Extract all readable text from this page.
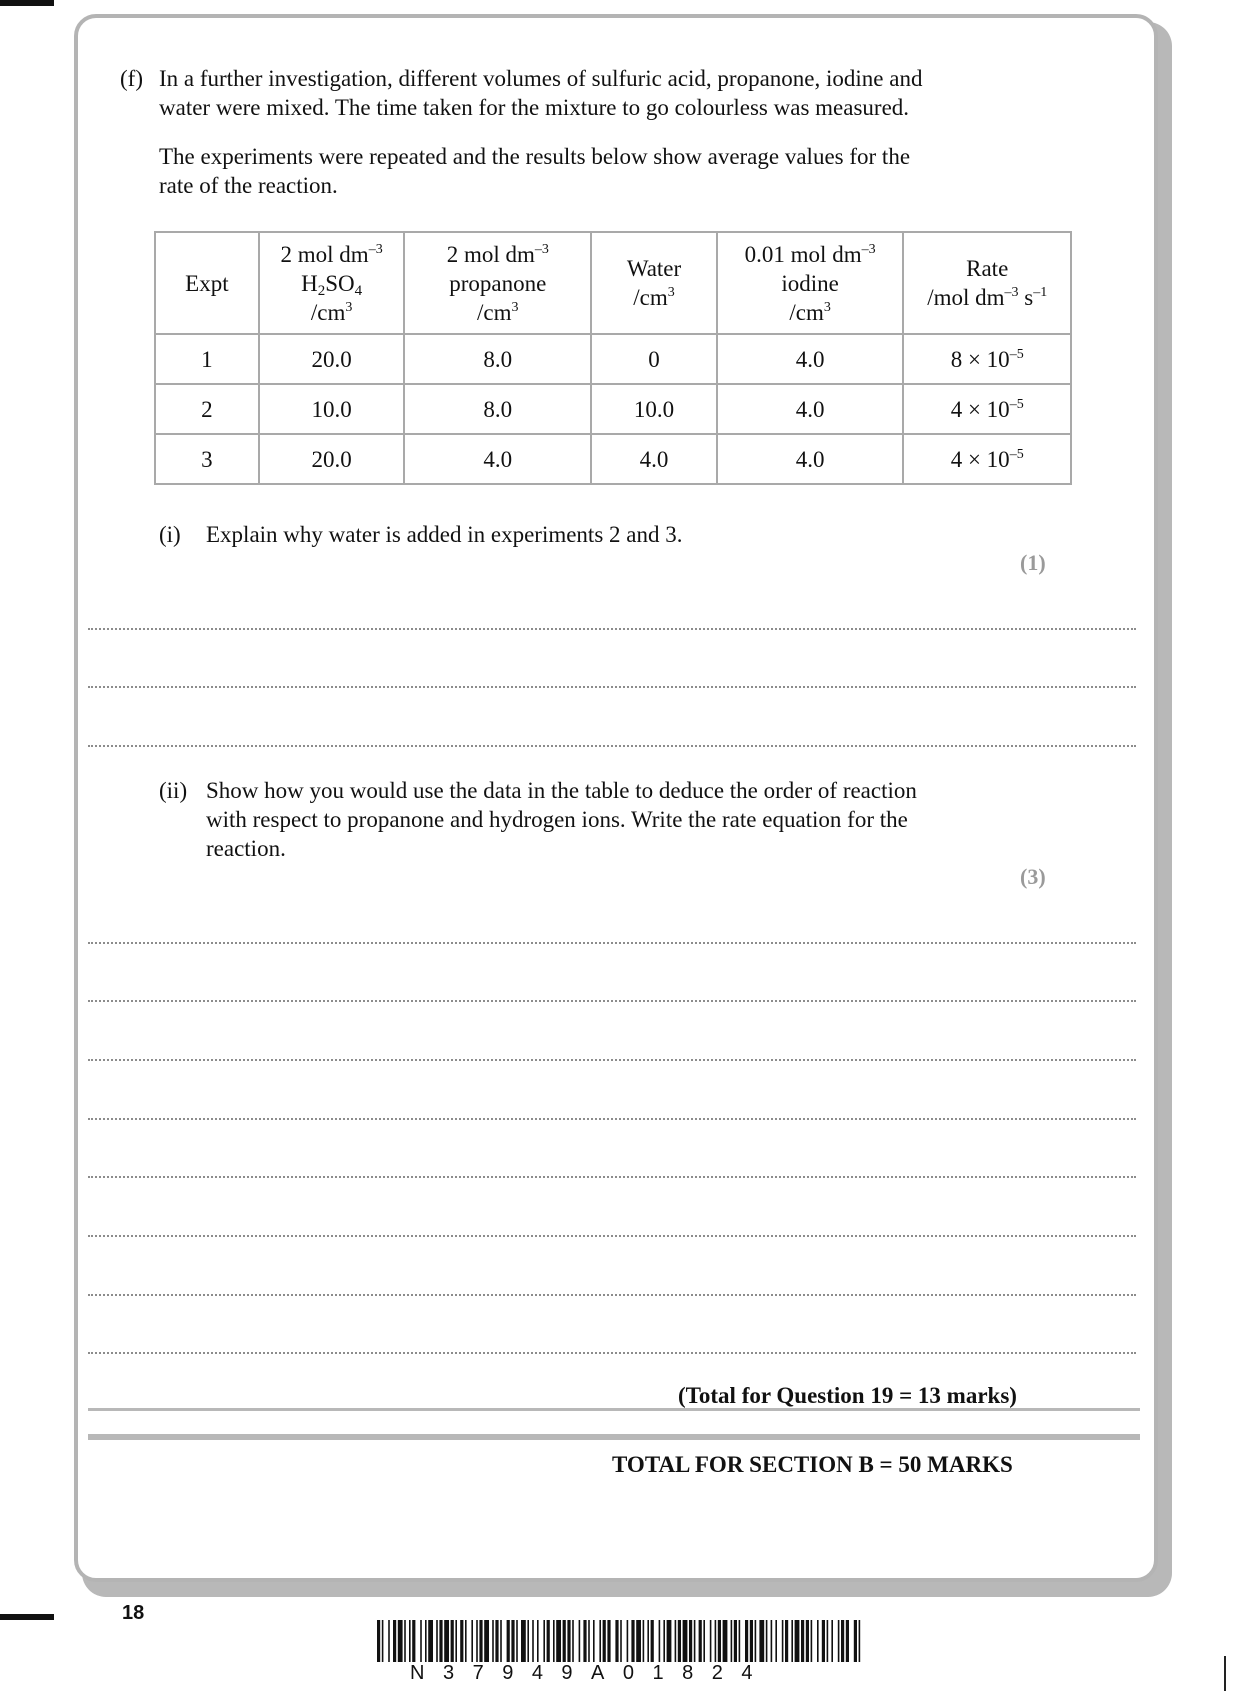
(f) In a further investigation, different volumes of sulfuric acid, propanone, iodine and
water were mixed. The time taken for the mixture to go colourless was measured.
The experiments were repeated and the results below show average values for the
rate of the reaction.
Expt	2 mol $dm^{-3}$
$H_2SO_4$
$/cm^3$	2 mol $dm^{-3}$
propanone
$/cm^3$	Water
$/cm^3$	0.01 mol $dm^{-3}$
iodine
$/cm^3$	Rate
/mol $dm^{-3}$ $s^{-1}$
1	20.0	8.0	0	4.0	$8 \times 10^{-5}$
2	10.0	8.0	10.0	4.0	$4 \times 10^{-5}$
3	20.0	4.0	4.0	4.0	$4 \times 10^{-5}$
(i) Explain why water is added in experiments 2 and 3.
(1)
(ii) Show how you would use the data in the table to deduce the order of reaction
with respect to propanone and hydrogen ions. Write the rate equation for the
reaction.
(3)
(Total for Question 19 = 13 marks)
TOTAL FOR SECTION B = 50 MARKS
18
N37949A01824
